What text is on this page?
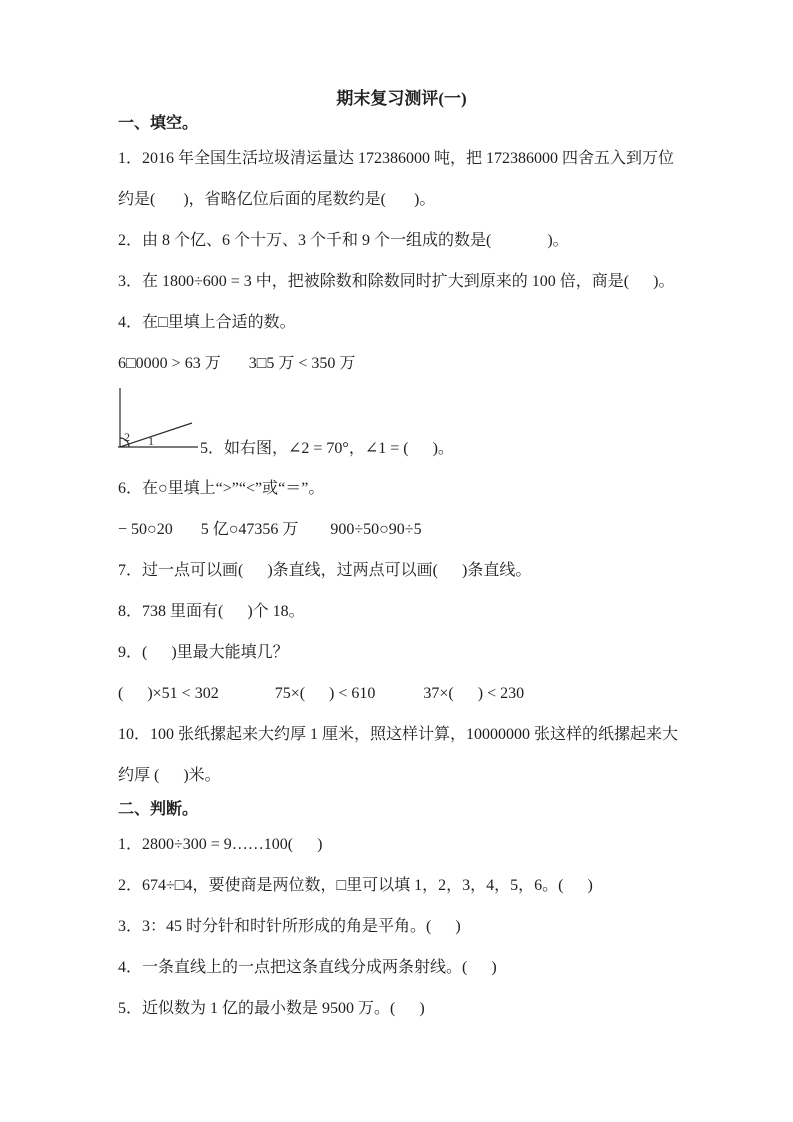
期末复习测评(一)
一、填空。
1．2016 年全国生活垃圾清运量达 172386000 吨，把 172386000 四舍五入到万位
约是(       )，省略亿位后面的尾数约是(       )。
2．由 8 个亿、6 个十万、3 个千和 9 个一组成的数是(              )。
3．在 1800÷600 = 3 中，把被除数和除数同时扩大到原来的 100 倍，商是(      )。
4．在□里填上合适的数。
6□0000 > 63 万       3□5 万 < 350 万
2 1	5．如右图，∠2 = 70°，∠1 = (      )。
6．在○里填上“>”“<”或“＝”。
− 50○20       5 亿○47356 万        900÷50○90÷5
7．过一点可以画(      )条直线，过两点可以画(      )条直线。
8．738 里面有(      )个 18。
9．(      )里最大能填几？
(      )×51 < 302              75×(      ) < 610            37×(      ) < 230
10．100 张纸摞起来大约厚 1 厘米，照这样计算，10000000 张这样的纸摞起来大
约厚 (      )米。
二、判断。
1．2800÷300 = 9……100(      )
2．674÷□4，要使商是两位数，□里可以填 1，2，3，4，5，6。(      )
3．3：45 时分针和时针所形成的角是平角。(      )
4．一条直线上的一点把这条直线分成两条射线。(      )
5．近似数为 1 亿的最小数是 9500 万。(      )
